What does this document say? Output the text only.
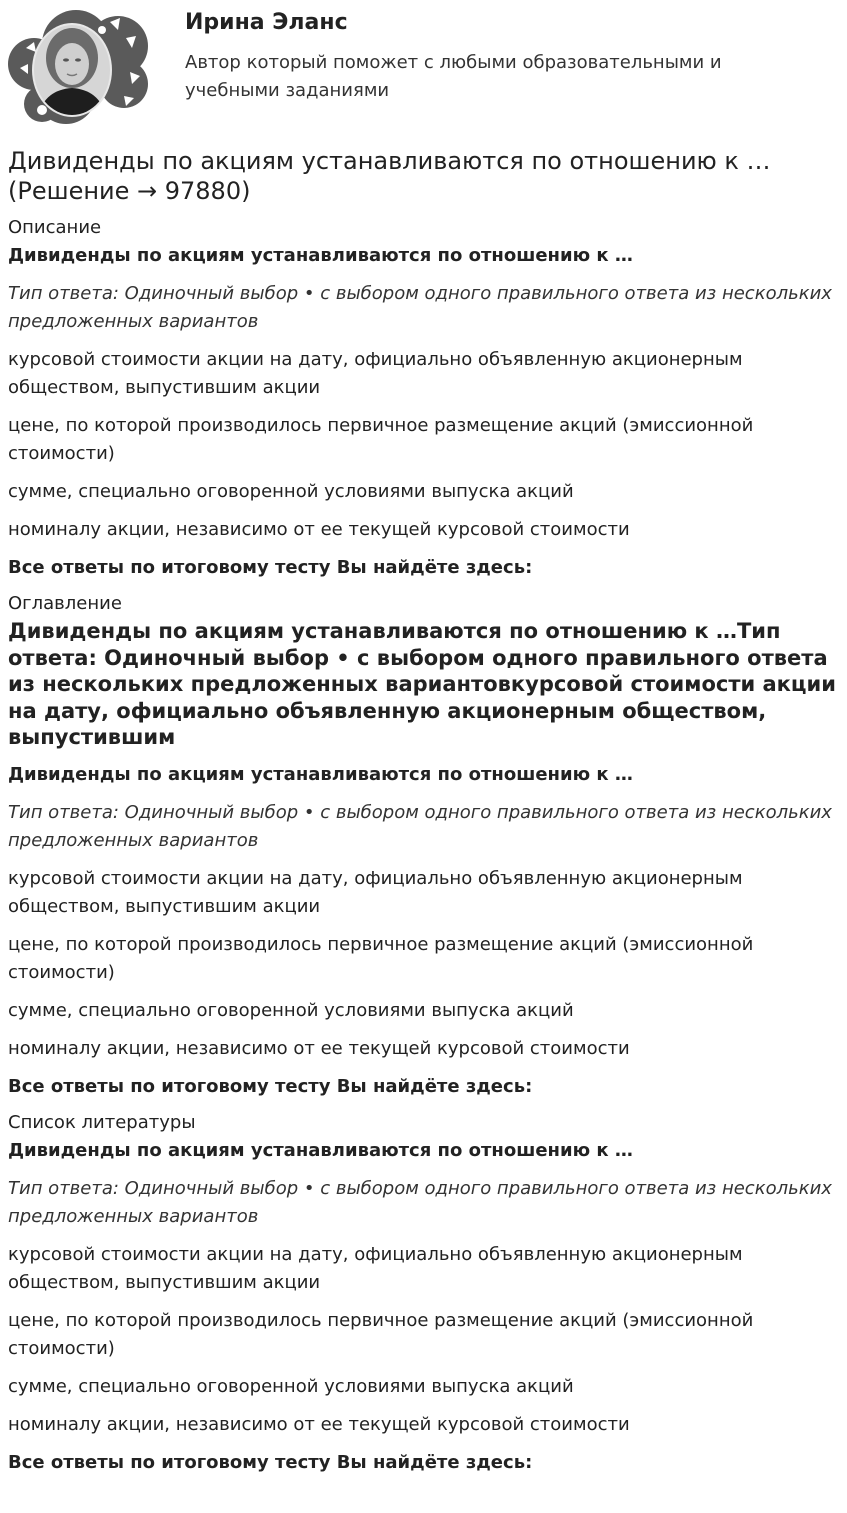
Ирина Эланс
Автор который поможет с любыми образовательными и учебными заданиями
Дивиденды по акциям устанавливаются по отношению к … (Решение → 97880)
Описание
Дивиденды по акциям устанавливаются по отношению к …
Тип ответа: Одиночный выбор • с выбором одного правильного ответа из нескольких предложенных вариантов
курсовой стоимости акции на дату, официально объявленную акционерным обществом, выпустившим акции
цене, по которой производилось первичное размещение акций (эмиссионной стоимости)
сумме, специально оговоренной условиями выпуска акций
номиналу акции, независимо от ее текущей курсовой стоимости
Все ответы по итоговому тесту Вы найдёте здесь:
Оглавление
Дивиденды по акциям устанавливаются по отношению к …Тип ответа: Одиночный выбор • с выбором одного правильного ответа из нескольких предложенных вариантовкурсовой стоимости акции на дату, официально объявленную акционерным обществом, выпустившим
Дивиденды по акциям устанавливаются по отношению к …
Тип ответа: Одиночный выбор • с выбором одного правильного ответа из нескольких предложенных вариантов
курсовой стоимости акции на дату, официально объявленную акционерным обществом, выпустившим акции
цене, по которой производилось первичное размещение акций (эмиссионной стоимости)
сумме, специально оговоренной условиями выпуска акций
номиналу акции, независимо от ее текущей курсовой стоимости
Все ответы по итоговому тесту Вы найдёте здесь:
Список литературы
Дивиденды по акциям устанавливаются по отношению к …
Тип ответа: Одиночный выбор • с выбором одного правильного ответа из нескольких предложенных вариантов
курсовой стоимости акции на дату, официально объявленную акционерным обществом, выпустившим акции
цене, по которой производилось первичное размещение акций (эмиссионной стоимости)
сумме, специально оговоренной условиями выпуска акций
номиналу акции, независимо от ее текущей курсовой стоимости
Все ответы по итоговому тесту Вы найдёте здесь:
